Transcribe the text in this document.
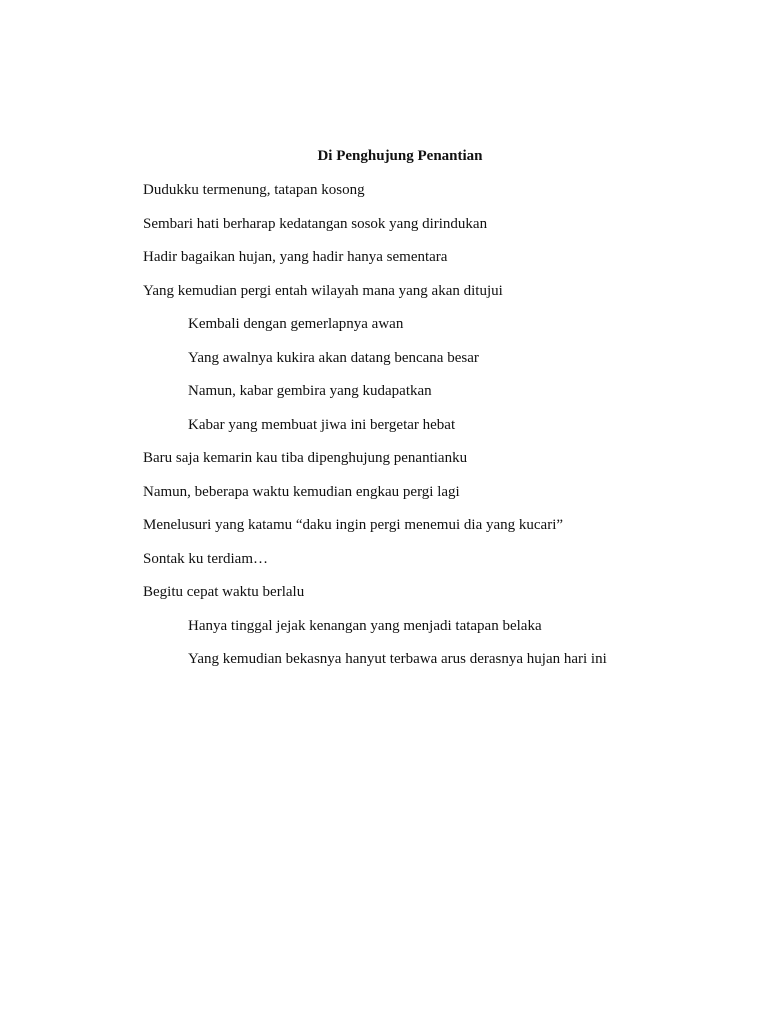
Di Penghujung Penantian
Dudukku termenung, tatapan kosong
Sembari hati berharap kedatangan sosok yang dirindukan
Hadir bagaikan hujan, yang hadir hanya sementara
Yang kemudian pergi entah wilayah mana yang akan ditujui
Kembali dengan gemerlapnya awan
Yang awalnya kukira akan datang bencana besar
Namun, kabar gembira yang kudapatkan
Kabar yang membuat jiwa ini bergetar hebat
Baru saja kemarin kau tiba dipenghujung penantianku
Namun, beberapa waktu kemudian engkau pergi lagi
Menelusuri yang katamu “daku ingin pergi menemui dia yang kucari”
Sontak ku terdiam…
Begitu cepat waktu berlalu
Hanya tinggal jejak kenangan yang menjadi tatapan belaka
Yang kemudian bekasnya hanyut terbawa arus derasnya hujan hari ini
